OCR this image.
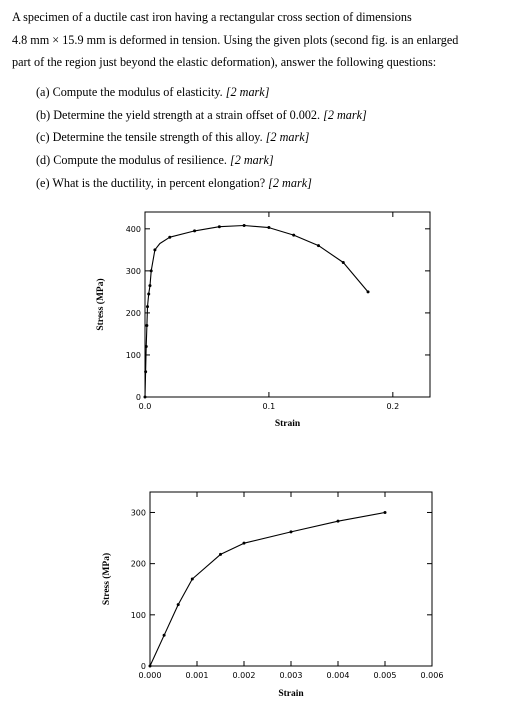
A specimen of a ductile cast iron having a rectangular cross section of dimensions
4.8 mm × 15.9 mm is deformed in tension. Using the given plots (second fig. is an enlarged
part of the region just beyond the elastic deformation), answer the following questions:
(a) Compute the modulus of elasticity. [2 mark]
(b) Determine the yield strength at a strain offset of 0.002. [2 mark]
(c) Determine the tensile strength of this alloy. [2 mark]
(d) Compute the modulus of resilience. [2 mark]
(e) What is the ductility, in percent elongation? [2 mark]
0.0	0.1	0.2
0
100
200
300
400
Strain
Stress (MPa)
0.000	0.001	0.002	0.003	0.004	0.005	0.006
0
100
200
300
Strain
Stress (MPa)
